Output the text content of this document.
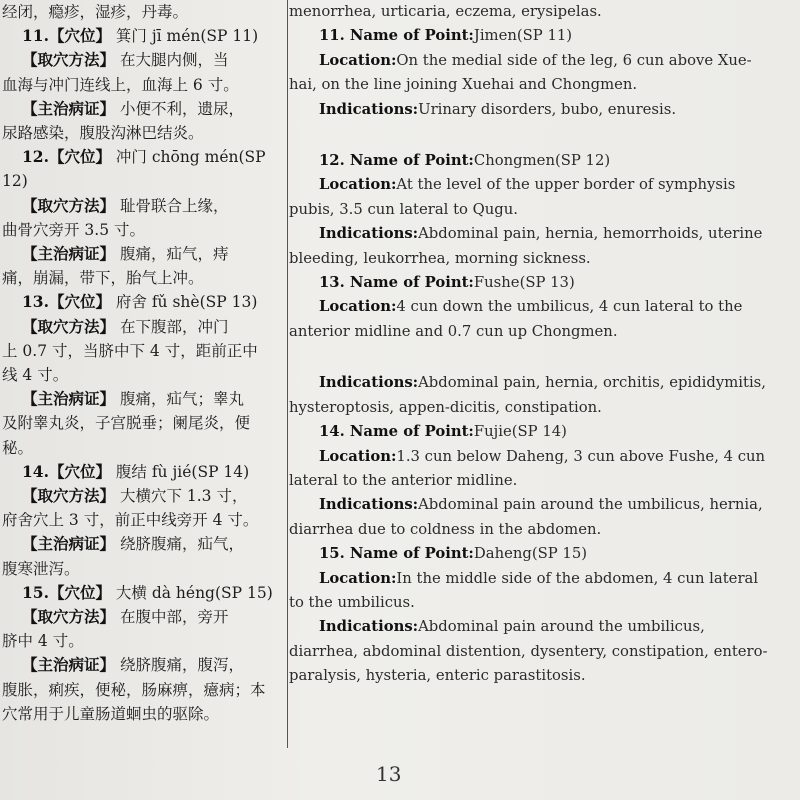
经闭，瘾疹，湿疹，丹毒。

11.【穴位】 箕门 jī mén(SP 11)

【取穴方法】 在大腿内侧，当

血海与冲门连线上，血海上 6 寸。

【主治病证】 小便不利，遗尿，

尿路感染，腹股沟淋巴结炎。

12.【穴位】 冲门 chōng mén(SP 12)

【取穴方法】 耻骨联合上缘，

曲骨穴旁开 3.5 寸。

【主治病证】 腹痛，疝气，痔

痛，崩漏，带下，胎气上冲。

13.【穴位】 府舍 fǔ shè(SP 13)

【取穴方法】 在下腹部，冲门

上 0.7 寸，当脐中下 4 寸，距前正中

线 4 寸。

【主治病证】 腹痛，疝气；睾丸

及附睾丸炎，子宫脱垂；阑尾炎，便秘。

14.【穴位】 腹结 fù jié(SP 14)

【取穴方法】 大横穴下 1.3 寸，

府舍穴上 3 寸，前正中线旁开 4 寸。

【主治病证】 绕脐腹痛，疝气，

腹寒泄泻。

15.【穴位】 大横 dà héng(SP 15)

【取穴方法】 在腹中部，旁开

脐中 4 寸。

【主治病证】 绕脐腹痛，腹泻，

腹胀，痢疾，便秘，肠麻痹，癔病；本

穴常用于儿童肠道蛔虫的驱除。

menorrhea, urticaria, eczema, erysipelas.

11. Name of Point:Jimen(SP 11)

Location:On the medial side of the leg, 6 cun above Xue-hai, on the line joining Xuehai and Chongmen.

Indications:Urinary disorders, bubo, enuresis.

12. Name of Point:Chongmen(SP 12)

Location:At the level of the upper border of symphysis pubis, 3.5 cun lateral to Qugu.

Indications:Abdominal pain, hernia, hemorrhoids, uterine bleeding, leukorrhea, morning sickness.

13. Name of Point:Fushe(SP 13)

Location:4 cun down the umbilicus, 4 cun lateral to the anterior midline and 0.7 cun up Chongmen.

Indications:Abdominal pain, hernia, orchitis, epididymitis, hysteroptosis, appen-dicitis, constipation.

14. Name of Point:Fujie(SP 14)

Location:1.3 cun below Daheng, 3 cun above Fushe, 4 cun lateral to the anterior midline.

Indications:Abdominal pain around the umbilicus, hernia, diarrhea due to coldness in the abdomen.

15. Name of Point:Daheng(SP 15)

Location:In the middle side of the abdomen, 4 cun lateral to the umbilicus.

Indications:Abdominal pain around the umbilicus, diarrhea, abdominal distention, dysentery, constipation, entero-paralysis, hysteria, enteric parastitosis.

13
